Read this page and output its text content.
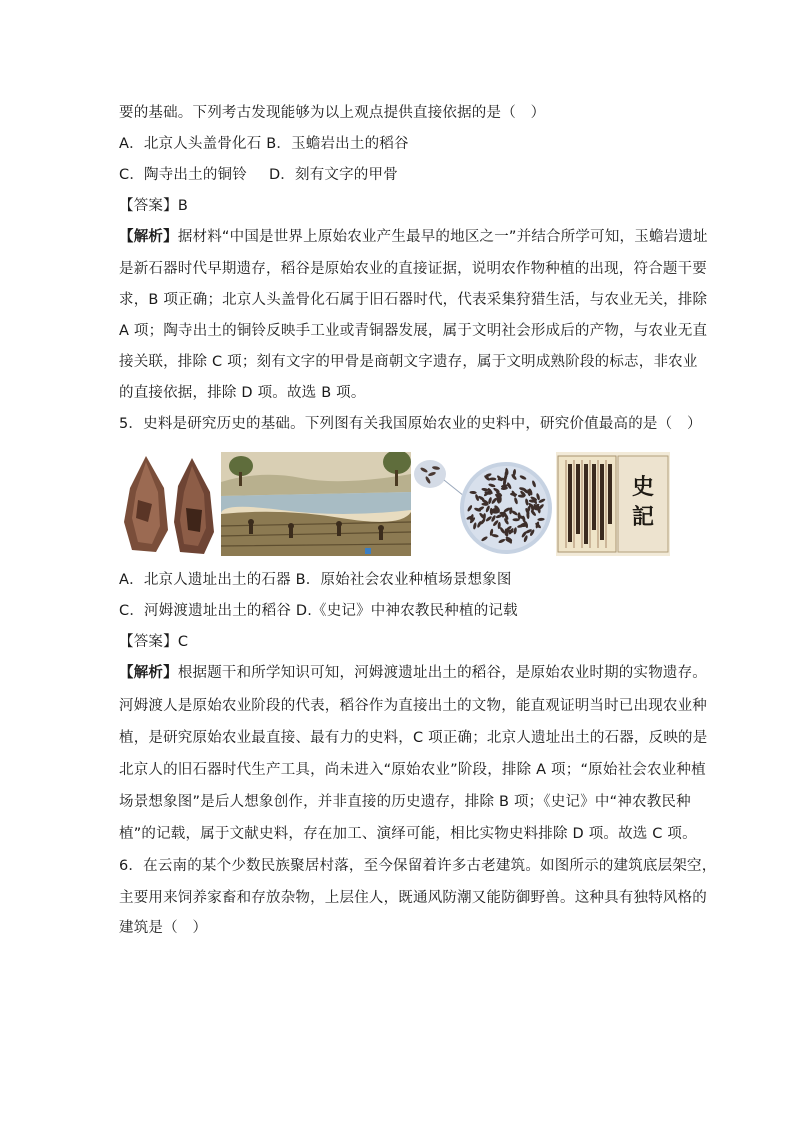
要的基础。下列考古发现能够为以上观点提供直接依据的是（　）
A．北京人头盖骨化石 B．玉蟾岩出土的稻谷
C．陶寺出土的铜铃 D．刻有文字的甲骨
【答案】B
【解析】据材料“中国是世界上原始农业产生最早的地区之一”并结合所学可知，玉蟾岩遗址
是新石器时代早期遗存，稻谷是原始农业的直接证据，说明农作物种植的出现，符合题干要
求，B 项正确；北京人头盖骨化石属于旧石器时代，代表采集狩猎生活，与农业无关，排除
A 项；陶寺出土的铜铃反映手工业或青铜器发展，属于文明社会形成后的产物，与农业无直
接关联，排除 C 项；刻有文字的甲骨是商朝文字遗存，属于文明成熟阶段的标志，非农业
的直接依据，排除 D 项。故选 B 项。
5．史料是研究历史的基础。下列图有关我国原始农业的史料中，研究价值最高的是（　）
史
記
A．北京人遗址出土的石器 B．原始社会农业种植场景想象图
C．河姆渡遗址出土的稻谷 D.《史记》中神农教民种植的记载
【答案】C
【解析】根据题干和所学知识可知，河姆渡遗址出土的稻谷，是原始农业时期的实物遗存。
河姆渡人是原始农业阶段的代表，稻谷作为直接出土的文物，能直观证明当时已出现农业种
植，是研究原始农业最直接、最有力的史料，C 项正确；北京人遗址出土的石器，反映的是
北京人的旧石器时代生产工具，尚未进入“原始农业”阶段，排除 A 项；“原始社会农业种植
场景想象图”是后人想象创作，并非直接的历史遗存，排除 B 项；《史记》中“神农教民种
植”的记载，属于文献史料，存在加工、演绎可能，相比实物史料排除 D 项。故选 C 项。
6．在云南的某个少数民族聚居村落，至今保留着许多古老建筑。如图所示的建筑底层架空，
主要用来饲养家畜和存放杂物，上层住人，既通风防潮又能防御野兽。这种具有独特风格的
建筑是（　）
